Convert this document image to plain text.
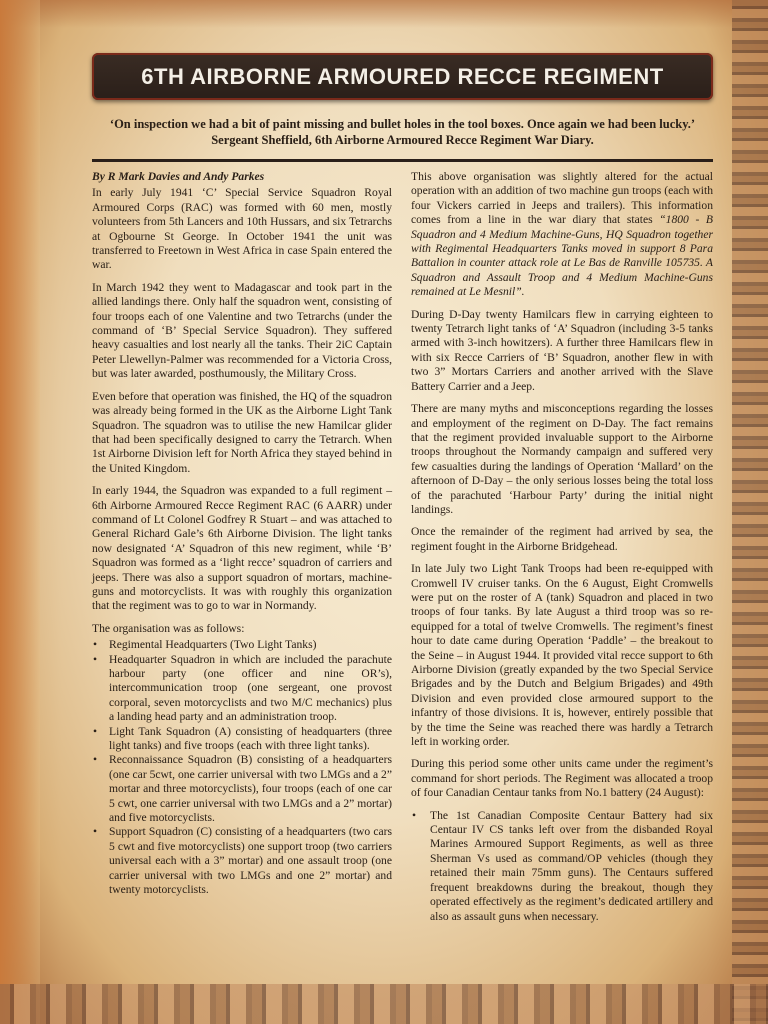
6TH AIRBORNE ARMOURED RECCE REGIMENT
‘On inspection we had a bit of paint missing and bullet holes in the tool boxes. Once again we had been lucky.’
Sergeant Sheffield, 6th Airborne Armoured Recce Regiment War Diary.

By R Mark Davies and Andy Parkes

In early July 1941 ‘C’ Special Service Squadron Royal Armoured Corps (RAC) was formed with 60 men, mostly volunteers from 5th Lancers and 10th Hussars, and six Tetrarchs at Ogbourne St George. In October 1941 the unit was transferred to Freetown in West Africa in case Spain entered the war.

In March 1942 they went to Madagascar and took part in the allied landings there. Only half the squadron went, consisting of four troops each of one Valentine and two Tetrarchs (under the command of ‘B’ Special Service Squadron). They suffered heavy casualties and lost nearly all the tanks. Their 2iC Captain Peter Llewellyn-Palmer was recommended for a Victoria Cross, but was later awarded, posthumously, the Military Cross.

Even before that operation was finished, the HQ of the squadron was already being formed in the UK as the Airborne Light Tank Squadron. The squadron was to utilise the new Hamilcar glider that had been specifically designed to carry the Tetrarch. When 1st Airborne Division left for North Africa they stayed behind in the United Kingdom.

In early 1944, the Squadron was expanded to a full regiment – 6th Airborne Armoured Recce Regiment RAC (6 AARR) under command of Lt Colonel Godfrey R Stuart – and was attached to General Richard Gale’s 6th Airborne Division. The light tanks now designated ‘A’ Squadron of this new regiment, while ‘B’ Squadron was formed as a ‘light recce’ squadron of carriers and jeeps. There was also a support squadron of mortars, machine-guns and motorcyclists. It was with roughly this organization that the regiment was to go to war in Normandy.

The organisation was as follows:

• Regimental Headquarters (Two Light Tanks)
• Headquarter Squadron in which are included the parachute harbour party (one officer and nine OR’s), intercommunication troop (one sergeant, one provost corporal, seven motorcyclists and two M/C mechanics) plus a landing head party and an administration troop.
• Light Tank Squadron (A) consisting of headquarters (three light tanks) and five troops (each with three light tanks).
• Reconnaissance Squadron (B) consisting of a headquarters (one car 5cwt, one carrier universal with two LMGs and a 2” mortar and three motorcyclists), four troops (each of one car 5 cwt, one carrier universal with two LMGs and a 2” mortar) and five motorcyclists.
• Support Squadron (C) consisting of a headquarters (two cars 5 cwt and five motorcyclists) one support troop (two carriers universal each with a 3” mortar) and one assault troop (one carrier universal with two LMGs and one 2” mortar) and twenty motorcyclists.

This above organisation was slightly altered for the actual operation with an addition of two machine gun troops (each with four Vickers carried in Jeeps and trailers). This information comes from a line in the war diary that states “1800 - B Squadron and 4 Medium Machine-Guns, HQ Squadron together with Regimental Headquarters Tanks moved in support 8 Para Battalion in counter attack role at Le Bas de Ranville 105735. A Squadron and Assault Troop and 4 Medium Machine-Guns remained at Le Mesnil”.

During D-Day twenty Hamilcars flew in carrying eighteen to twenty Tetrarch light tanks of ‘A’ Squadron (including 3-5 tanks armed with 3-inch howitzers). A further three Hamilcars flew in with six Recce Carriers of ‘B’ Squadron, another flew in with two 3” Mortars Carriers and another arrived with the Slave Battery Carrier and a Jeep.

There are many myths and misconceptions regarding the losses and employment of the regiment on D-Day. The fact remains that the regiment provided invaluable support to the Airborne troops throughout the Normandy campaign and suffered very few casualties during the landings of Operation ‘Mallard’ on the afternoon of D-Day – the only serious losses being the total loss of the parachuted ‘Harbour Party’ during the initial night landings.

Once the remainder of the regiment had arrived by sea, the regiment fought in the Airborne Bridgehead.

In late July two Light Tank Troops had been re-equipped with Cromwell IV cruiser tanks. On the 6 August, Eight Cromwells were put on the roster of A (tank) Squadron and placed in two troops of four tanks. By late August a third troop was so re-equipped for a total of twelve Cromwells. The regiment’s finest hour to date came during Operation ‘Paddle’ – the breakout to the Seine – in August 1944. It provided vital recce support to 6th Airborne Division (greatly expanded by the two Special Service Brigades and by the Dutch and Belgium Brigades) and 49th Division and even provided close armoured support to the infantry of those divisions. It is, however, entirely possible that by the time the Seine was reached there was hardly a Tetrarch left in working order.

During this period some other units came under the regiment’s command for short periods. The Regiment was allocated a troop of four Canadian Centaur tanks from No.1 battery (24 August):

• The 1st Canadian Composite Centaur Battery had six Centaur IV CS tanks left over from the disbanded Royal Marines Armoured Support Regiments, as well as three Sherman Vs used as command/OP vehicles (though they retained their main 75mm guns). The Centaurs suffered frequent breakdowns during the breakout, though they operated effectively as the regiment’s dedicated artillery and also as assault guns when necessary.
